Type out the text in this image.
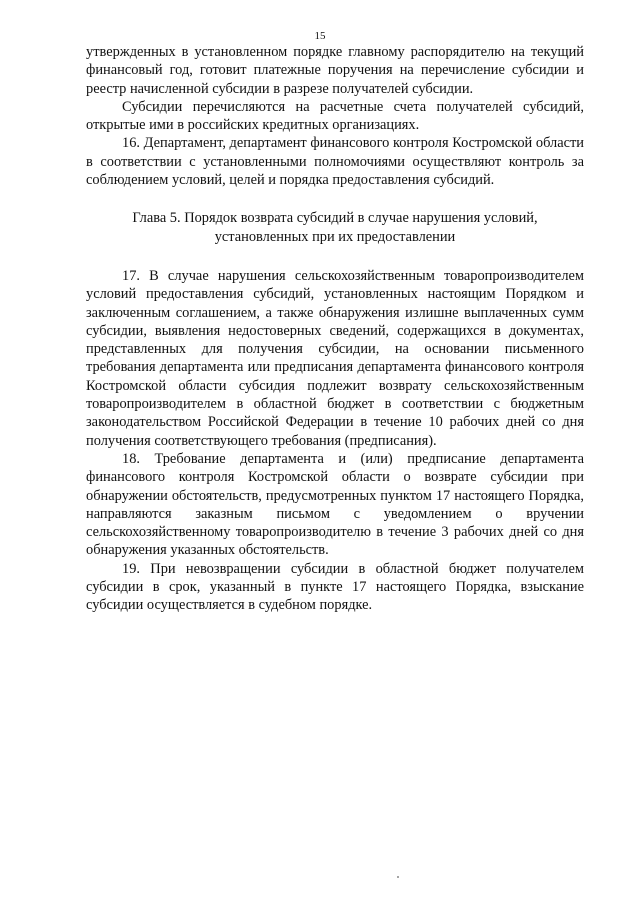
15

утвержденных в установленном порядке главному распорядителю на текущий финансовый год, готовит платежные поручения на перечисление субсидии и реестр начисленной субсидии в разрезе получателей субсидии.

Субсидии перечисляются на расчетные счета получателей субсидий, открытые ими в российских кредитных организациях.

16. Департамент, департамент финансового контроля Костромской области в соответствии с установленными полномочиями осуществляют контроль за соблюдением условий, целей и порядка предоставления субсидий.

Глава 5. Порядок возврата субсидий в случае нарушения условий,
установленных при их предоставлении

17. В случае нарушения сельскохозяйственным товаропроизводителем условий предоставления субсидий, установленных настоящим Порядком и заключенным соглашением, а также обнаружения излишне выплаченных сумм субсидии, выявления недостоверных сведений, содержащихся в документах, представленных для получения субсидии, на основании письменного требования департамента или предписания департамента финансового контроля Костромской области субсидия подлежит возврату сельскохозяйственным товаропроизводителем в областной бюджет в соответствии с бюджетным законодательством Российской Федерации в течение 10 рабочих дней со дня получения соответствующего требования (предписания).

18. Требование департамента и (или) предписание департамента финансового контроля Костромской области о возврате субсидии при обнаружении обстоятельств, предусмотренных пунктом 17 настоящего Порядка, направляются заказным письмом с уведомлением о вручении сельскохозяйственному товаропроизводителю в течение 3 рабочих дней со дня обнаружения указанных обстоятельств.

19. При невозвращении субсидии в областной бюджет получателем субсидии в срок, указанный в пункте 17 настоящего Порядка, взыскание субсидии осуществляется в судебном порядке.
